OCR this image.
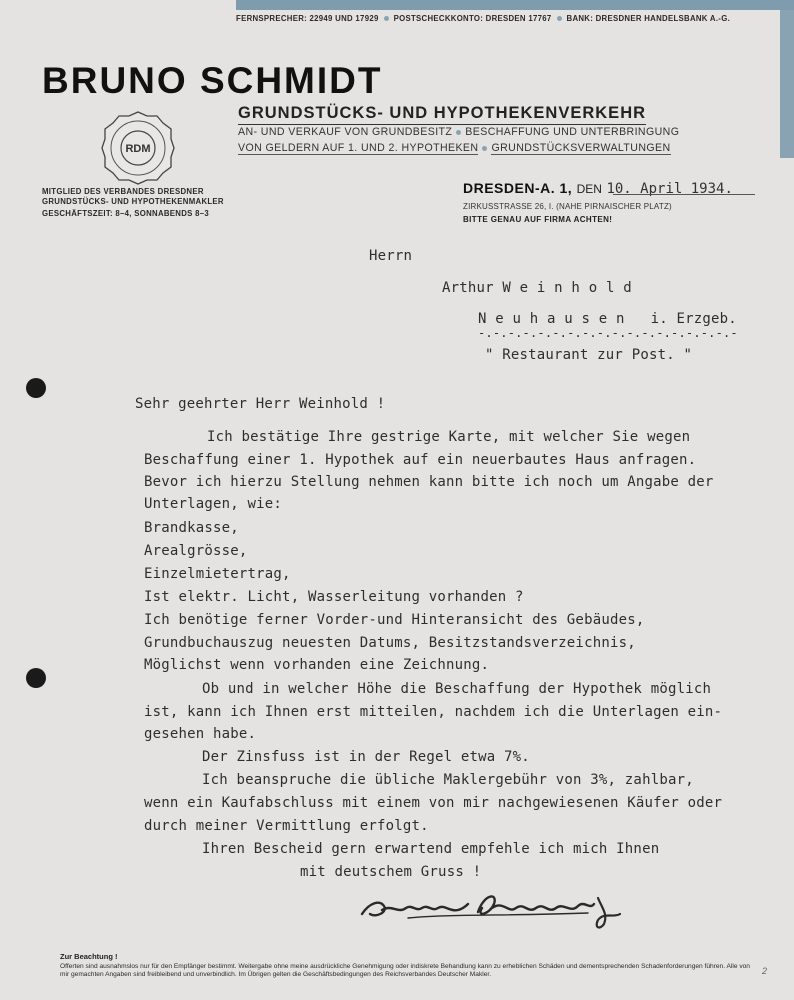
FERNSPRECHER: 22949 UND 17929 POSTSCHECKKONTO: DRESDEN 17767 BANK: DRESDNER HANDELSBANK A.-G.
BRUNO SCHMIDT
GRUNDSTÜCKS- UND HYPOTHEKENVERKEHR
AN- UND VERKAUF VON GRUNDBESITZ BESCHAFFUNG UND UNTERBRINGUNG
VON GELDERN AUF 1. UND 2. HYPOTHEKEN GRUNDSTÜCKSVERWALTUNGEN
RDM
MITGLIED DES VERBANDES DRESDNER
GRUNDSTÜCKS- UND HYPOTHEKENMAKLER
GESCHÄFTSZEIT: 8–4, SONNABENDS 8–3
DRESDEN-A. 1, DEN 10. April 1934.
ZIRKUSSTRASSE 26, I. (NAHE PIRNAISCHER PLATZ)
BITTE GENAU AUF FIRMA ACHTEN!
Herrn
Arthur W e i n h o l d
N e u h a u s e n   i. Erzgeb.
-.-.-.-.-.-.-.-.-.-.-.-.-.-.-.-.-.-
" Restaurant zur Post. "
Sehr geehrter Herr Weinhold !
Ich bestätige Ihre gestrige Karte, mit welcher Sie wegen
Beschaffung einer 1. Hypothek auf ein neuerbautes Haus anfragen.
Bevor ich hierzu Stellung nehmen kann bitte ich noch um Angabe der
Unterlagen, wie:
Brandkasse,
Arealgrösse,
Einzelmietertrag,
Ist elektr. Licht, Wasserleitung vorhanden ?
Ich benötige ferner Vorder-und Hinteransicht des Gebäudes,
Grundbuchauszug neuesten Datums, Besitzstandsverzeichnis,
Möglichst wenn vorhanden eine Zeichnung.
Ob und in welcher Höhe die Beschaffung der Hypothek möglich
ist, kann ich Ihnen erst mitteilen, nachdem ich die Unterlagen ein-
gesehen habe.
Der Zinsfuss ist in der Regel etwa 7%.
Ich beanspruche die übliche Maklergebühr von 3%, zahlbar,
wenn ein Kaufabschluss mit einem von mir nachgewiesenen Käufer oder
durch meiner Vermittlung erfolgt.
Ihren Bescheid gern erwartend empfehle ich mich Ihnen
mit deutschem Gruss !
Zur Beachtung !
Offerten sind ausnahmslos nur für den Empfänger bestimmt. Weitergabe ohne meine ausdrückliche Genehmigung oder indiskrete Behandlung kann zu erheblichen Schäden und dementsprechenden Schadenforderungen führen. Alle von mir gemachten Angaben sind freibleibend und unverbindlich. Im Übrigen gelten die Geschäftsbedingungen des Reichsverbandes Deutscher Makler.	2
